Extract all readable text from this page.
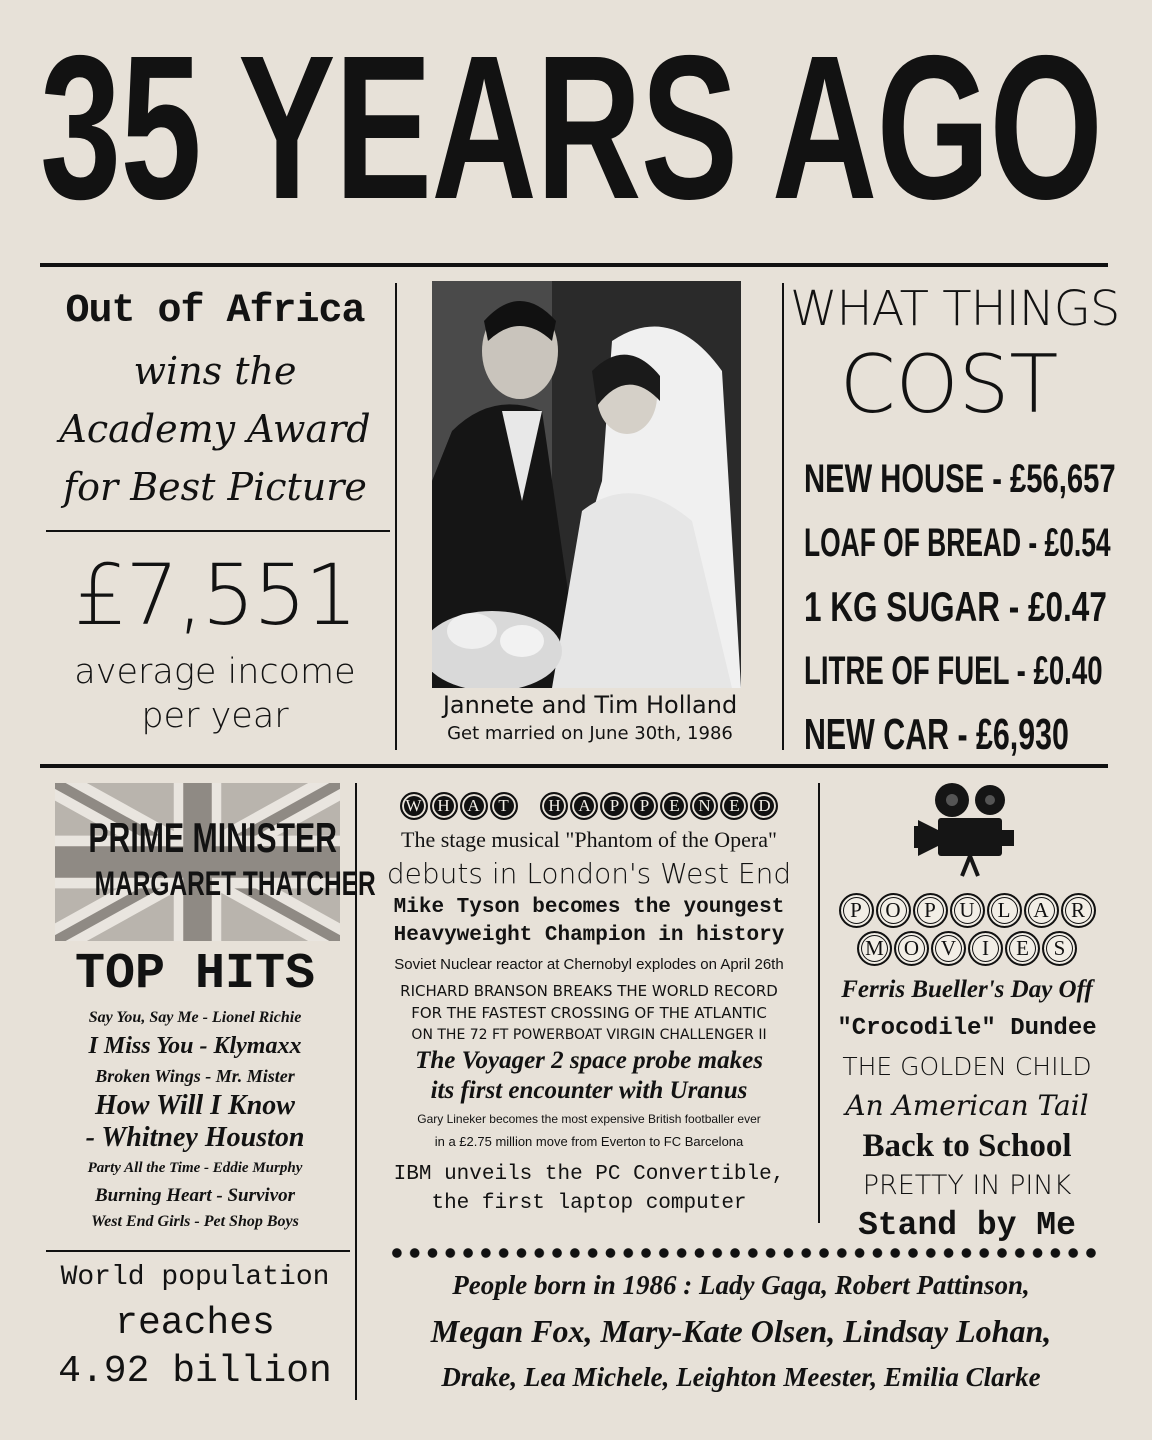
35 YEARS AGO
Out of Africa
wins the
Academy Award
for Best Picture
£7,551
average income
per year	Jannete and Tim Holland
Get married on June 30th, 1986
WHAT THINGS
COST
NEW HOUSE - £56,657
LOAF OF BREAD - £0.54
1 KG SUGAR - £0.47
LITRE OF FUEL - £0.40
NEW CAR - £6,930
PRIME MINISTER
MARGARET THATCHER
TOP HITS
Say You, Say Me - Lionel Richie
I Miss You - Klymaxx
Broken Wings - Mr. Mister
How Will I Know
- Whitney Houston
Party All the Time - Eddie Murphy
Burning Heart - Survivor
West End Girls - Pet Shop Boys
World population
reaches
4.92 billion
W H A T H A P P E N E D
The stage musical "Phantom of the Opera"
debuts in London's West End
Mike Tyson becomes the youngest
Heavyweight Champion in history
Soviet Nuclear reactor at Chernobyl explodes on April 26th
RICHARD BRANSON BREAKS THE WORLD RECORD
FOR THE FASTEST CROSSING OF THE ATLANTIC
ON THE 72 FT POWERBOAT VIRGIN CHALLENGER II
The Voyager 2 space probe makes
its first encounter with Uranus
Gary Lineker becomes the most expensive British footballer ever
in a £2.75 million move from Everton to FC Barcelona
IBM unveils the PC Convertible,
the first laptop computer
P O P U L A R
M O V I E S
Ferris Bueller's Day Off
"Crocodile" Dundee
THE GOLDEN CHILD
An American Tail
Back to School
PRETTY IN PINK
Stand by Me
People born in 1986 : Lady Gaga, Robert Pattinson,
Megan Fox, Mary-Kate Olsen, Lindsay Lohan,
Drake, Lea Michele, Leighton Meester, Emilia Clarke
